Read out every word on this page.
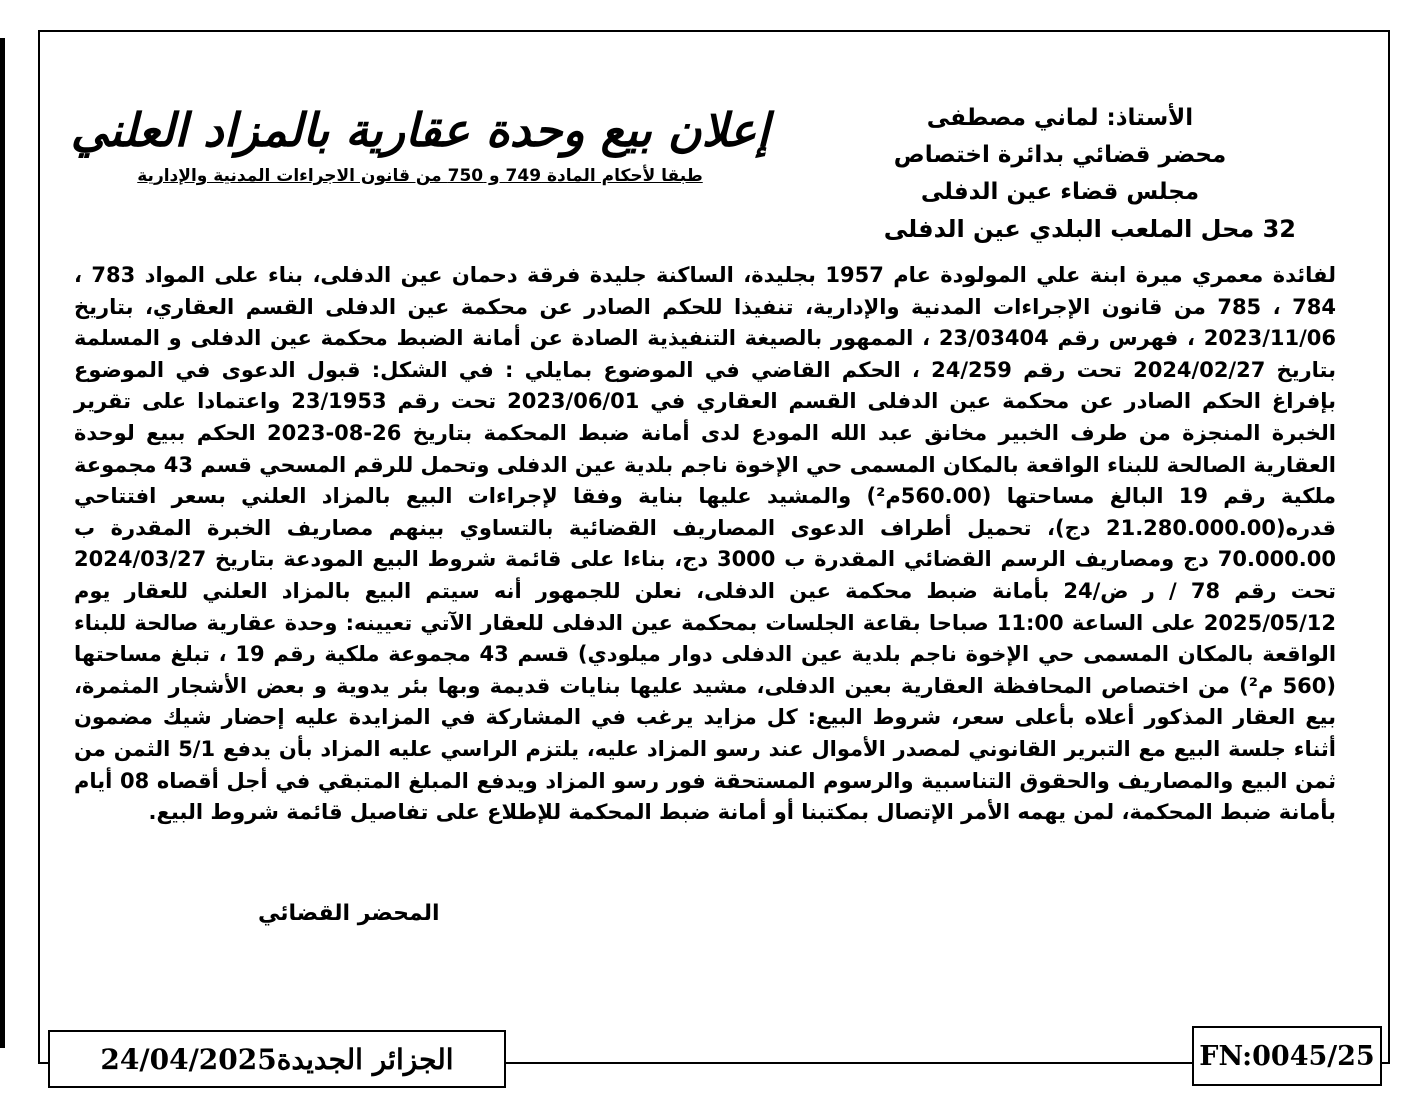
الأستاذ: لماني مصطفى
محضر قضائي بدائرة اختصاص
مجلس قضاء عين الدفلى
32 محل الملعب البلدي عين الدفلى
إعلان بيع وحدة عقارية بالمزاد العلني
طبقا لأحكام المادة 749 و 750 من قانون الاجراءات المدنية والإدارية
لفائدة معمري ميرة ابنة علي المولودة عام 1957 بجليدة، الساكنة جليدة فرقة دحمان عين الدفلى، بناء على المواد 783 ، 784 ، 785 من قانون الإجراءات المدنية والإدارية، تنفيذا للحكم الصادر عن محكمة عين الدفلى القسم العقاري، بتاريخ 2023/11/06 ، فهرس رقم 23/03404 ، الممهور بالصيغة التنفيذية الصادة عن أمانة الضبط محكمة عين الدفلى و المسلمة بتاريخ 2024/02/27 تحت رقم 24/259 ، الحكم القاضي في الموضوع بمايلي : في الشكل: قبول الدعوى في الموضوع بإفراغ الحكم الصادر عن محكمة عين الدفلى القسم العقاري في 2023/06/01 تحت رقم 23/1953 واعتمادا على تقرير الخبرة المنجزة من طرف الخبير مخانق عبد الله المودع لدى أمانة ضبط المحكمة بتاريخ 26-08-2023 الحكم ببيع لوحدة العقارية الصالحة للبناء الواقعة بالمكان المسمى حي الإخوة ناجم بلدية عين الدفلى وتحمل للرقم المسحي قسم 43 مجموعة ملكية رقم 19 البالغ مساحتها (560.00م²) والمشيد عليها بناية وفقا لإجراءات البيع بالمزاد العلني بسعر افتتاحي قدره(21.280.000.00 دج)، تحميل أطراف الدعوى المصاريف القضائية بالتساوي بينهم مصاريف الخبرة المقدرة ب 70.000.00 دج ومصاريف الرسم القضائي المقدرة ب 3000 دج، بناءا على قائمة شروط البيع المودعة بتاريخ 2024/03/27 تحت رقم 78 / ر ض/24 بأمانة ضبط محكمة عين الدفلى، نعلن للجمهور أنه سيتم البيع بالمزاد العلني للعقار يوم 2025/05/12 على الساعة 11:00 صباحا بقاعة الجلسات بمحكمة عين الدفلى للعقار الآتي تعيينه: وحدة عقارية صالحة للبناء الواقعة بالمكان المسمى حي الإخوة ناجم بلدية عين الدفلى دوار ميلودي) قسم 43 مجموعة ملكية رقم 19 ، تبلغ مساحتها (560 م²) من اختصاص المحافظة العقارية بعين الدفلى، مشيد عليها بنايات قديمة وبها بئر يدوية و بعض الأشجار المثمرة، بيع العقار المذكور أعلاه بأعلى سعر، شروط البيع: كل مزايد يرغب في المشاركة في المزايدة عليه إحضار شيك مضمون أثناء جلسة البيع مع التبرير القانوني لمصدر الأموال عند رسو المزاد عليه، يلتزم الراسي عليه المزاد بأن يدفع 5/1 الثمن من ثمن البيع والمصاريف والحقوق التناسبية والرسوم المستحقة فور رسو المزاد ويدفع المبلغ المتبقي في أجل أقصاه 08 أيام بأمانة ضبط المحكمة، لمن يهمه الأمر الإتصال بمكتبنا أو أمانة ضبط المحكمة للإطلاع على تفاصيل قائمة شروط البيع.
المحضر القضائي
الجزائر الجديدة24/04/2025	FN:0045/25
